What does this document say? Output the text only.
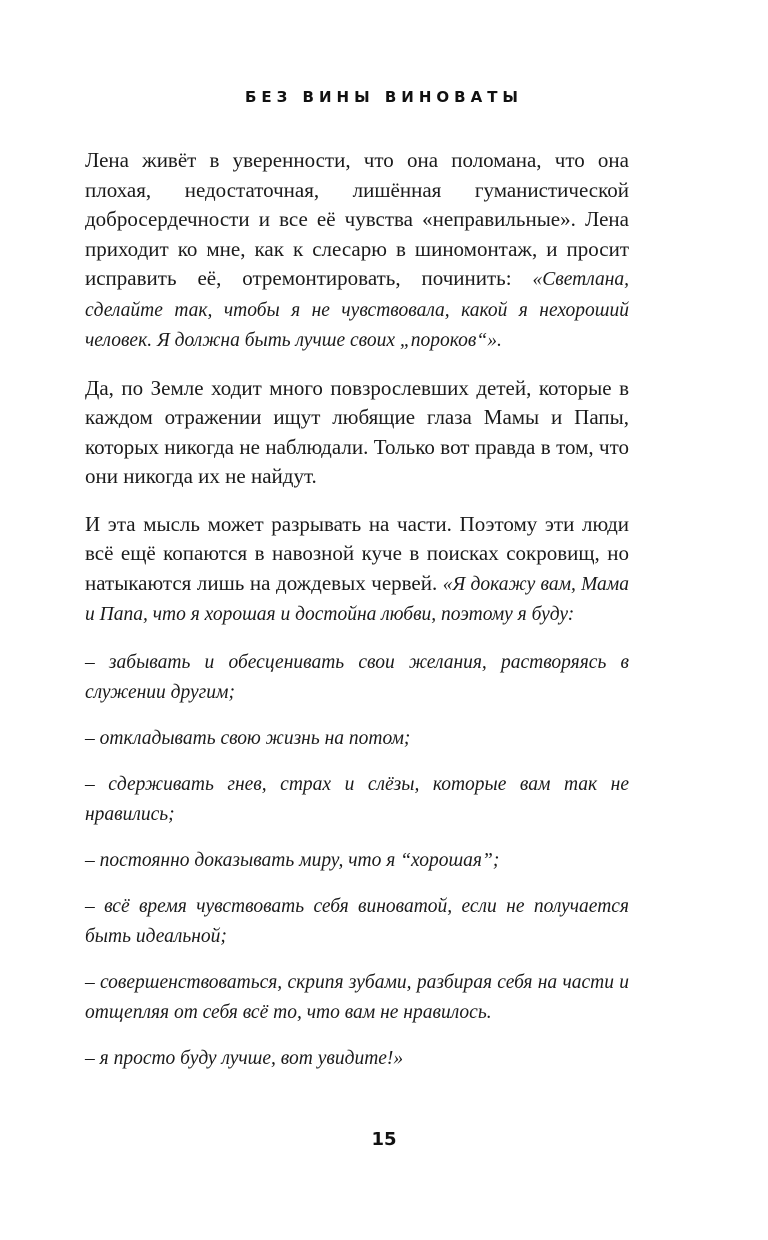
БЕЗ ВИНЫ ВИНОВАТЫ

Лена живёт в уверенности, что она поломана, что она плохая, недостаточная, лишённая гуманистической добросердечности и все её чувства «неправильные». Лена приходит ко мне, как к слесарю в шиномонтаж, и просит исправить её, отремонтировать, починить: «Светлана, сделайте так, чтобы я не чувствовала, какой я нехороший человек. Я должна быть лучше своих „пороков“».

Да, по Земле ходит много повзрослевших детей, которые в каждом отражении ищут любящие глаза Мамы и Папы, которых никогда не наблюдали. Только вот правда в том, что они никогда их не найдут.

И эта мысль может разрывать на части. Поэтому эти люди всё ещё копаются в навозной куче в поисках сокровищ, но натыкаются лишь на дождевых червей. «Я докажу вам, Мама и Папа, что я хорошая и достойна любви, поэтому я буду:

– забывать и обесценивать свои желания, растворяясь в служении другим;

– откладывать свою жизнь на потом;

– сдерживать гнев, страх и слёзы, которые вам так не нравились;

– постоянно доказывать миру, что я “хорошая”;

– всё время чувствовать себя виноватой, если не получается быть идеальной;

– совершенствоваться, скрипя зубами, разбирая себя на части и отщепляя от себя всё то, что вам не нравилось.

– я просто буду лучше, вот увидите!»

15
